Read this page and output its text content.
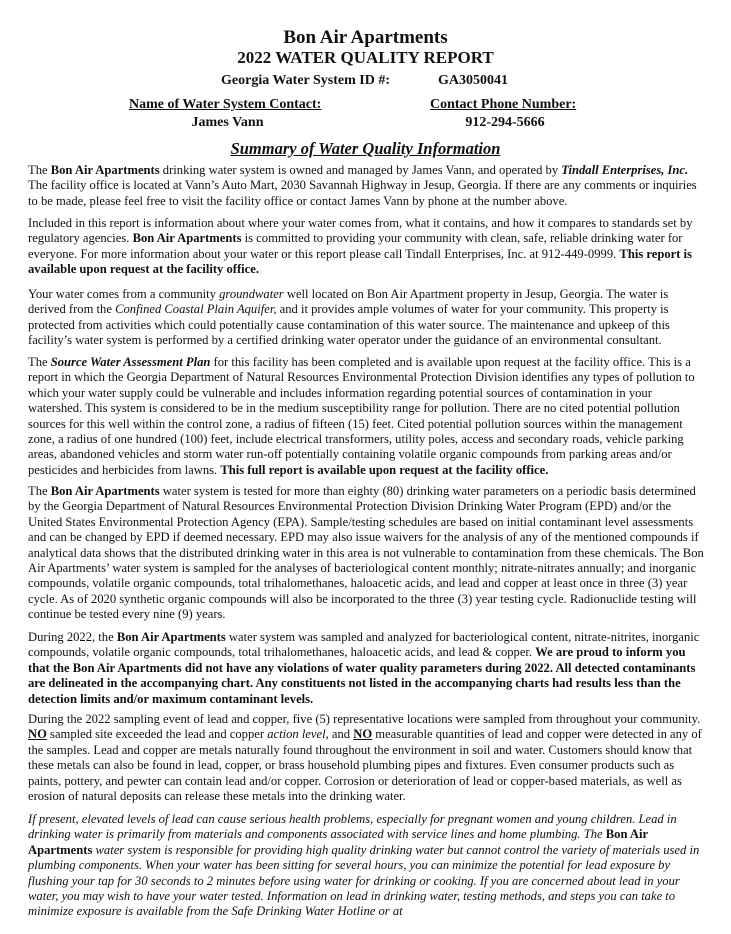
Bon Air Apartments
2022 WATER QUALITY REPORT
Georgia Water System ID #:	GA3050041
Name of Water System Contact:
James Vann
Contact Phone Number:
912-294-5666
Summary of Water Quality Information

The Bon Air Apartments drinking water system is owned and managed by James Vann, and operated by Tindall Enterprises, Inc. The facility office is located at Vann’s Auto Mart, 2030 Savannah Highway in Jesup, Georgia. If there are any comments or inquiries to be made, please feel free to visit the facility office or contact James Vann by phone at the number above.

Included in this report is information about where your water comes from, what it contains, and how it compares to standards set by regulatory agencies. Bon Air Apartments is committed to providing your community with clean, safe, reliable drinking water for everyone. For more information about your water or this report please call Tindall Enterprises, Inc. at 912-449-0999. This report is available upon request at the facility office.

Your water comes from a community groundwater well located on Bon Air Apartment property in Jesup, Georgia. The water is derived from the Confined Coastal Plain Aquifer, and it provides ample volumes of water for your community. This property is protected from activities which could potentially cause contamination of this water source. The maintenance and upkeep of this facility’s water system is performed by a certified drinking water operator under the guidance of an environmental consultant.

The Source Water Assessment Plan for this facility has been completed and is available upon request at the facility office. This is a report in which the Georgia Department of Natural Resources Environmental Protection Division identifies any types of pollution to which your water supply could be vulnerable and includes information regarding potential sources of contamination in your watershed. This system is considered to be in the medium susceptibility range for pollution. There are no cited potential pollution sources for this well within the control zone, a radius of fifteen (15) feet. Cited potential pollution sources within the management zone, a radius of one hundred (100) feet, include electrical transformers, utility poles, access and secondary roads, vehicle parking areas, abandoned vehicles and storm water run-off potentially containing volatile organic compounds from parking areas and/or pesticides and herbicides from lawns. This full report is available upon request at the facility office.

The Bon Air Apartments water system is tested for more than eighty (80) drinking water parameters on a periodic basis determined by the Georgia Department of Natural Resources Environmental Protection Division Drinking Water Program (EPD) and/or the United States Environmental Protection Agency (EPA). Sample/testing schedules are based on initial contaminant level assessments and can be changed by EPD if deemed necessary. EPD may also issue waivers for the analysis of any of the mentioned compounds if analytical data shows that the distributed drinking water in this area is not vulnerable to contamination from these chemicals. The Bon Air Apartments’ water system is sampled for the analyses of bacteriological content monthly; nitrate-nitrates annually; and inorganic compounds, volatile organic compounds, total trihalomethanes, haloacetic acids, and lead and copper at least once in three (3) year cycle. As of 2020 synthetic organic compounds will also be incorporated to the three (3) year testing cycle. Radionuclide testing will continue be tested every nine (9) years.

During 2022, the Bon Air Apartments water system was sampled and analyzed for bacteriological content, nitrate-nitrites, inorganic compounds, volatile organic compounds, total trihalomethanes, haloacetic acids, and lead & copper. We are proud to inform you that the Bon Air Apartments did not have any violations of water quality parameters during 2022. All detected contaminants are delineated in the accompanying chart. Any constituents not listed in the accompanying charts had results less than the detection limits and/or maximum contaminant levels.

During the 2022 sampling event of lead and copper, five (5) representative locations were sampled from throughout your community. NO sampled site exceeded the lead and copper action level, and NO measurable quantities of lead and copper were detected in any of the samples. Lead and copper are metals naturally found throughout the environment in soil and water. Customers should know that these metals can also be found in lead, copper, or brass household plumbing pipes and fixtures. Even consumer products such as paints, pottery, and pewter can contain lead and/or copper. Corrosion or deterioration of lead or copper-based materials, as well as erosion of natural deposits can release these metals into the drinking water.

If present, elevated levels of lead can cause serious health problems, especially for pregnant women and young children. Lead in drinking water is primarily from materials and components associated with service lines and home plumbing. The Bon Air Apartments water system is responsible for providing high quality drinking water but cannot control the variety of materials used in plumbing components. When your water has been sitting for several hours, you can minimize the potential for lead exposure by flushing your tap for 30 seconds to 2 minutes before using water for drinking or cooking. If you are concerned about lead in your water, you may wish to have your water tested. Information on lead in drinking water, testing methods, and steps you can take to minimize exposure is available from the Safe Drinking Water Hotline or at
